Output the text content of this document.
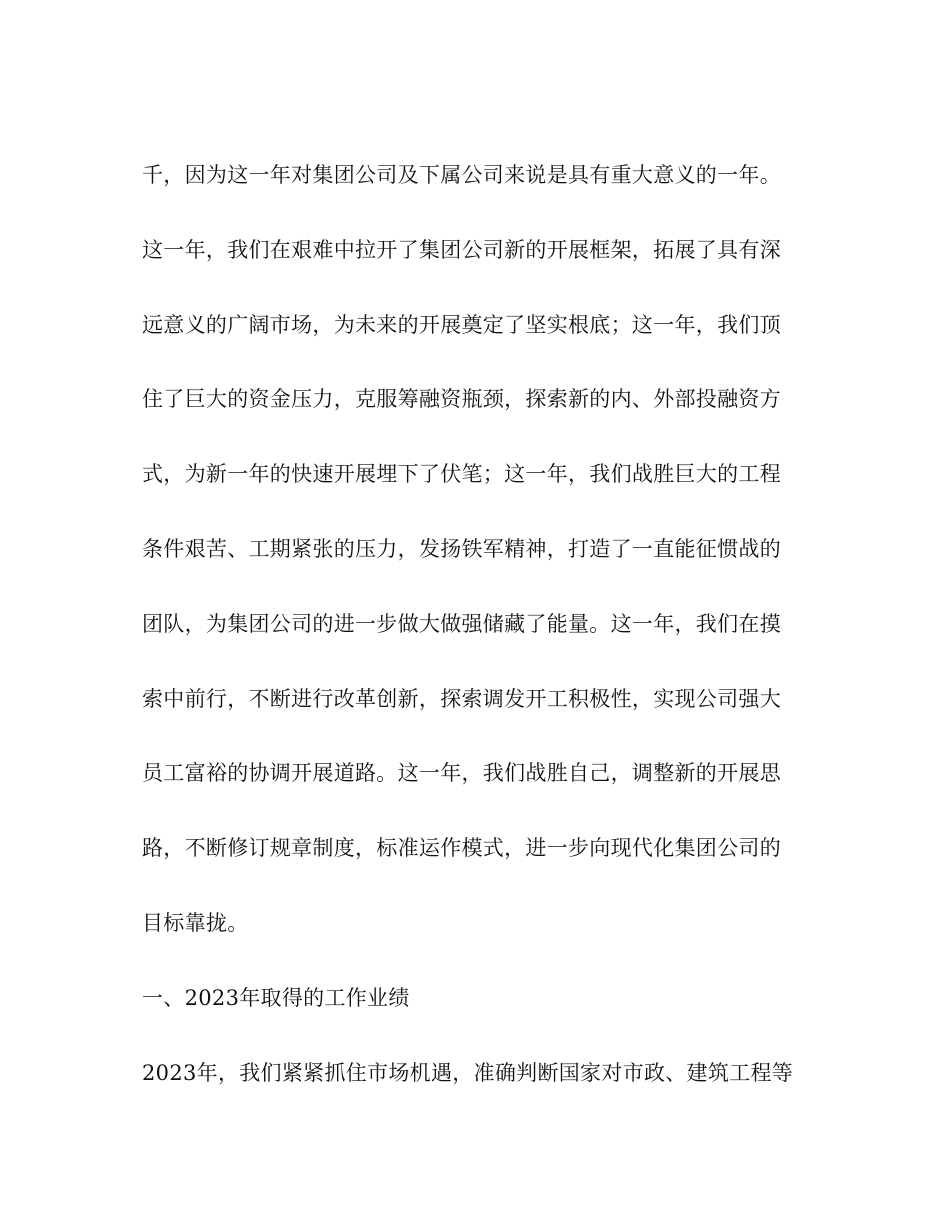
千，因为这一年对集团公司及下属公司来说是具有重大意义的一年。
这一年，我们在艰难中拉开了集团公司新的开展框架，拓展了具有深
远意义的广阔市场，为未来的开展奠定了坚实根底；这一年，我们顶
住了巨大的资金压力，克服筹融资瓶颈，探索新的内、外部投融资方
式，为新一年的快速开展埋下了伏笔；这一年，我们战胜巨大的工程
条件艰苦、工期紧张的压力，发扬铁军精神，打造了一直能征惯战的
团队，为集团公司的进一步做大做强储藏了能量。这一年，我们在摸
索中前行，不断进行改革创新，探索调发开工积极性，实现公司强大
员工富裕的协调开展道路。这一年，我们战胜自己，调整新的开展思
路，不断修订规章制度，标准运作模式，进一步向现代化集团公司的
目标靠拢。
一、2023年取得的工作业绩
2023年，我们紧紧抓住市场机遇，准确判断国家对市政、建筑工程等
